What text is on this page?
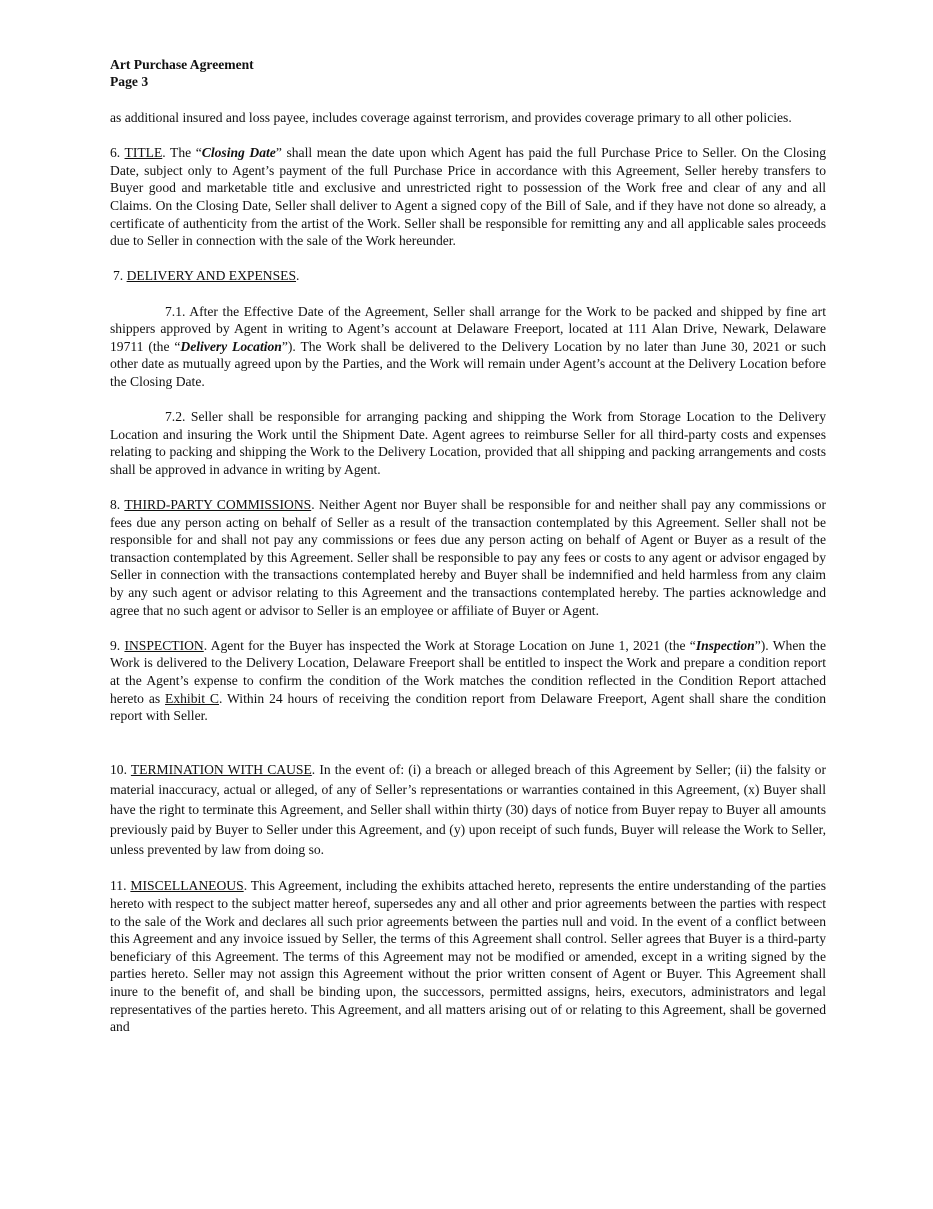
Art Purchase Agreement
Page 3

as additional insured and loss payee, includes coverage against terrorism, and provides coverage primary to all other policies.

6. TITLE. The “Closing Date” shall mean the date upon which Agent has paid the full Purchase Price to Seller. On the Closing Date, subject only to Agent’s payment of the full Purchase Price in accordance with this Agreement, Seller hereby transfers to Buyer good and marketable title and exclusive and unrestricted right to possession of the Work free and clear of any and all Claims. On the Closing Date, Seller shall deliver to Agent a signed copy of the Bill of Sale, and if they have not done so already, a certificate of authenticity from the artist of the Work. Seller shall be responsible for remitting any and all applicable sales proceeds due to Seller in connection with the sale of the Work hereunder.

7. DELIVERY AND EXPENSES.

7.1. After the Effective Date of the Agreement, Seller shall arrange for the Work to be packed and shipped by fine art shippers approved by Agent in writing to Agent’s account at Delaware Freeport, located at 111 Alan Drive, Newark, Delaware 19711 (the “Delivery Location”). The Work shall be delivered to the Delivery Location by no later than June 30, 2021 or such other date as mutually agreed upon by the Parties, and the Work will remain under Agent’s account at the Delivery Location before the Closing Date.

7.2. Seller shall be responsible for arranging packing and shipping the Work from Storage Location to the Delivery Location and insuring the Work until the Shipment Date. Agent agrees to reimburse Seller for all third-party costs and expenses relating to packing and shipping the Work to the Delivery Location, provided that all shipping and packing arrangements and costs shall be approved in advance in writing by Agent.

8. THIRD-PARTY COMMISSIONS. Neither Agent nor Buyer shall be responsible for and neither shall pay any commissions or fees due any person acting on behalf of Seller as a result of the transaction contemplated by this Agreement. Seller shall not be responsible for and shall not pay any commissions or fees due any person acting on behalf of Agent or Buyer as a result of the transaction contemplated by this Agreement. Seller shall be responsible to pay any fees or costs to any agent or advisor engaged by Seller in connection with the transactions contemplated hereby and Buyer shall be indemnified and held harmless from any claim by any such agent or advisor relating to this Agreement and the transactions contemplated hereby. The parties acknowledge and agree that no such agent or advisor to Seller is an employee or affiliate of Buyer or Agent.

9. INSPECTION. Agent for the Buyer has inspected the Work at Storage Location on June 1, 2021 (the “Inspection”). When the Work is delivered to the Delivery Location, Delaware Freeport shall be entitled to inspect the Work and prepare a condition report at the Agent’s expense to confirm the condition of the Work matches the condition reflected in the Condition Report attached hereto as Exhibit C. Within 24 hours of receiving the condition report from Delaware Freeport, Agent shall share the condition report with Seller.

10. TERMINATION WITH CAUSE. In the event of: (i) a breach or alleged breach of this Agreement by Seller; (ii) the falsity or material inaccuracy, actual or alleged, of any of Seller’s representations or warranties contained in this Agreement, (x) Buyer shall have the right to terminate this Agreement, and Seller shall within thirty (30) days of notice from Buyer repay to Buyer all amounts previously paid by Buyer to Seller under this Agreement, and (y) upon receipt of such funds, Buyer will release the Work to Seller, unless prevented by law from doing so.

11. MISCELLANEOUS. This Agreement, including the exhibits attached hereto, represents the entire understanding of the parties hereto with respect to the subject matter hereof, supersedes any and all other and prior agreements between the parties with respect to the sale of the Work and declares all such prior agreements between the parties null and void. In the event of a conflict between this Agreement and any invoice issued by Seller, the terms of this Agreement shall control. Seller agrees that Buyer is a third-party beneficiary of this Agreement. The terms of this Agreement may not be modified or amended, except in a writing signed by the parties hereto. Seller may not assign this Agreement without the prior written consent of Agent or Buyer. This Agreement shall inure to the benefit of, and shall be binding upon, the successors, permitted assigns, heirs, executors, administrators and legal representatives of the parties hereto. This Agreement, and all matters arising out of or relating to this Agreement, shall be governed and
